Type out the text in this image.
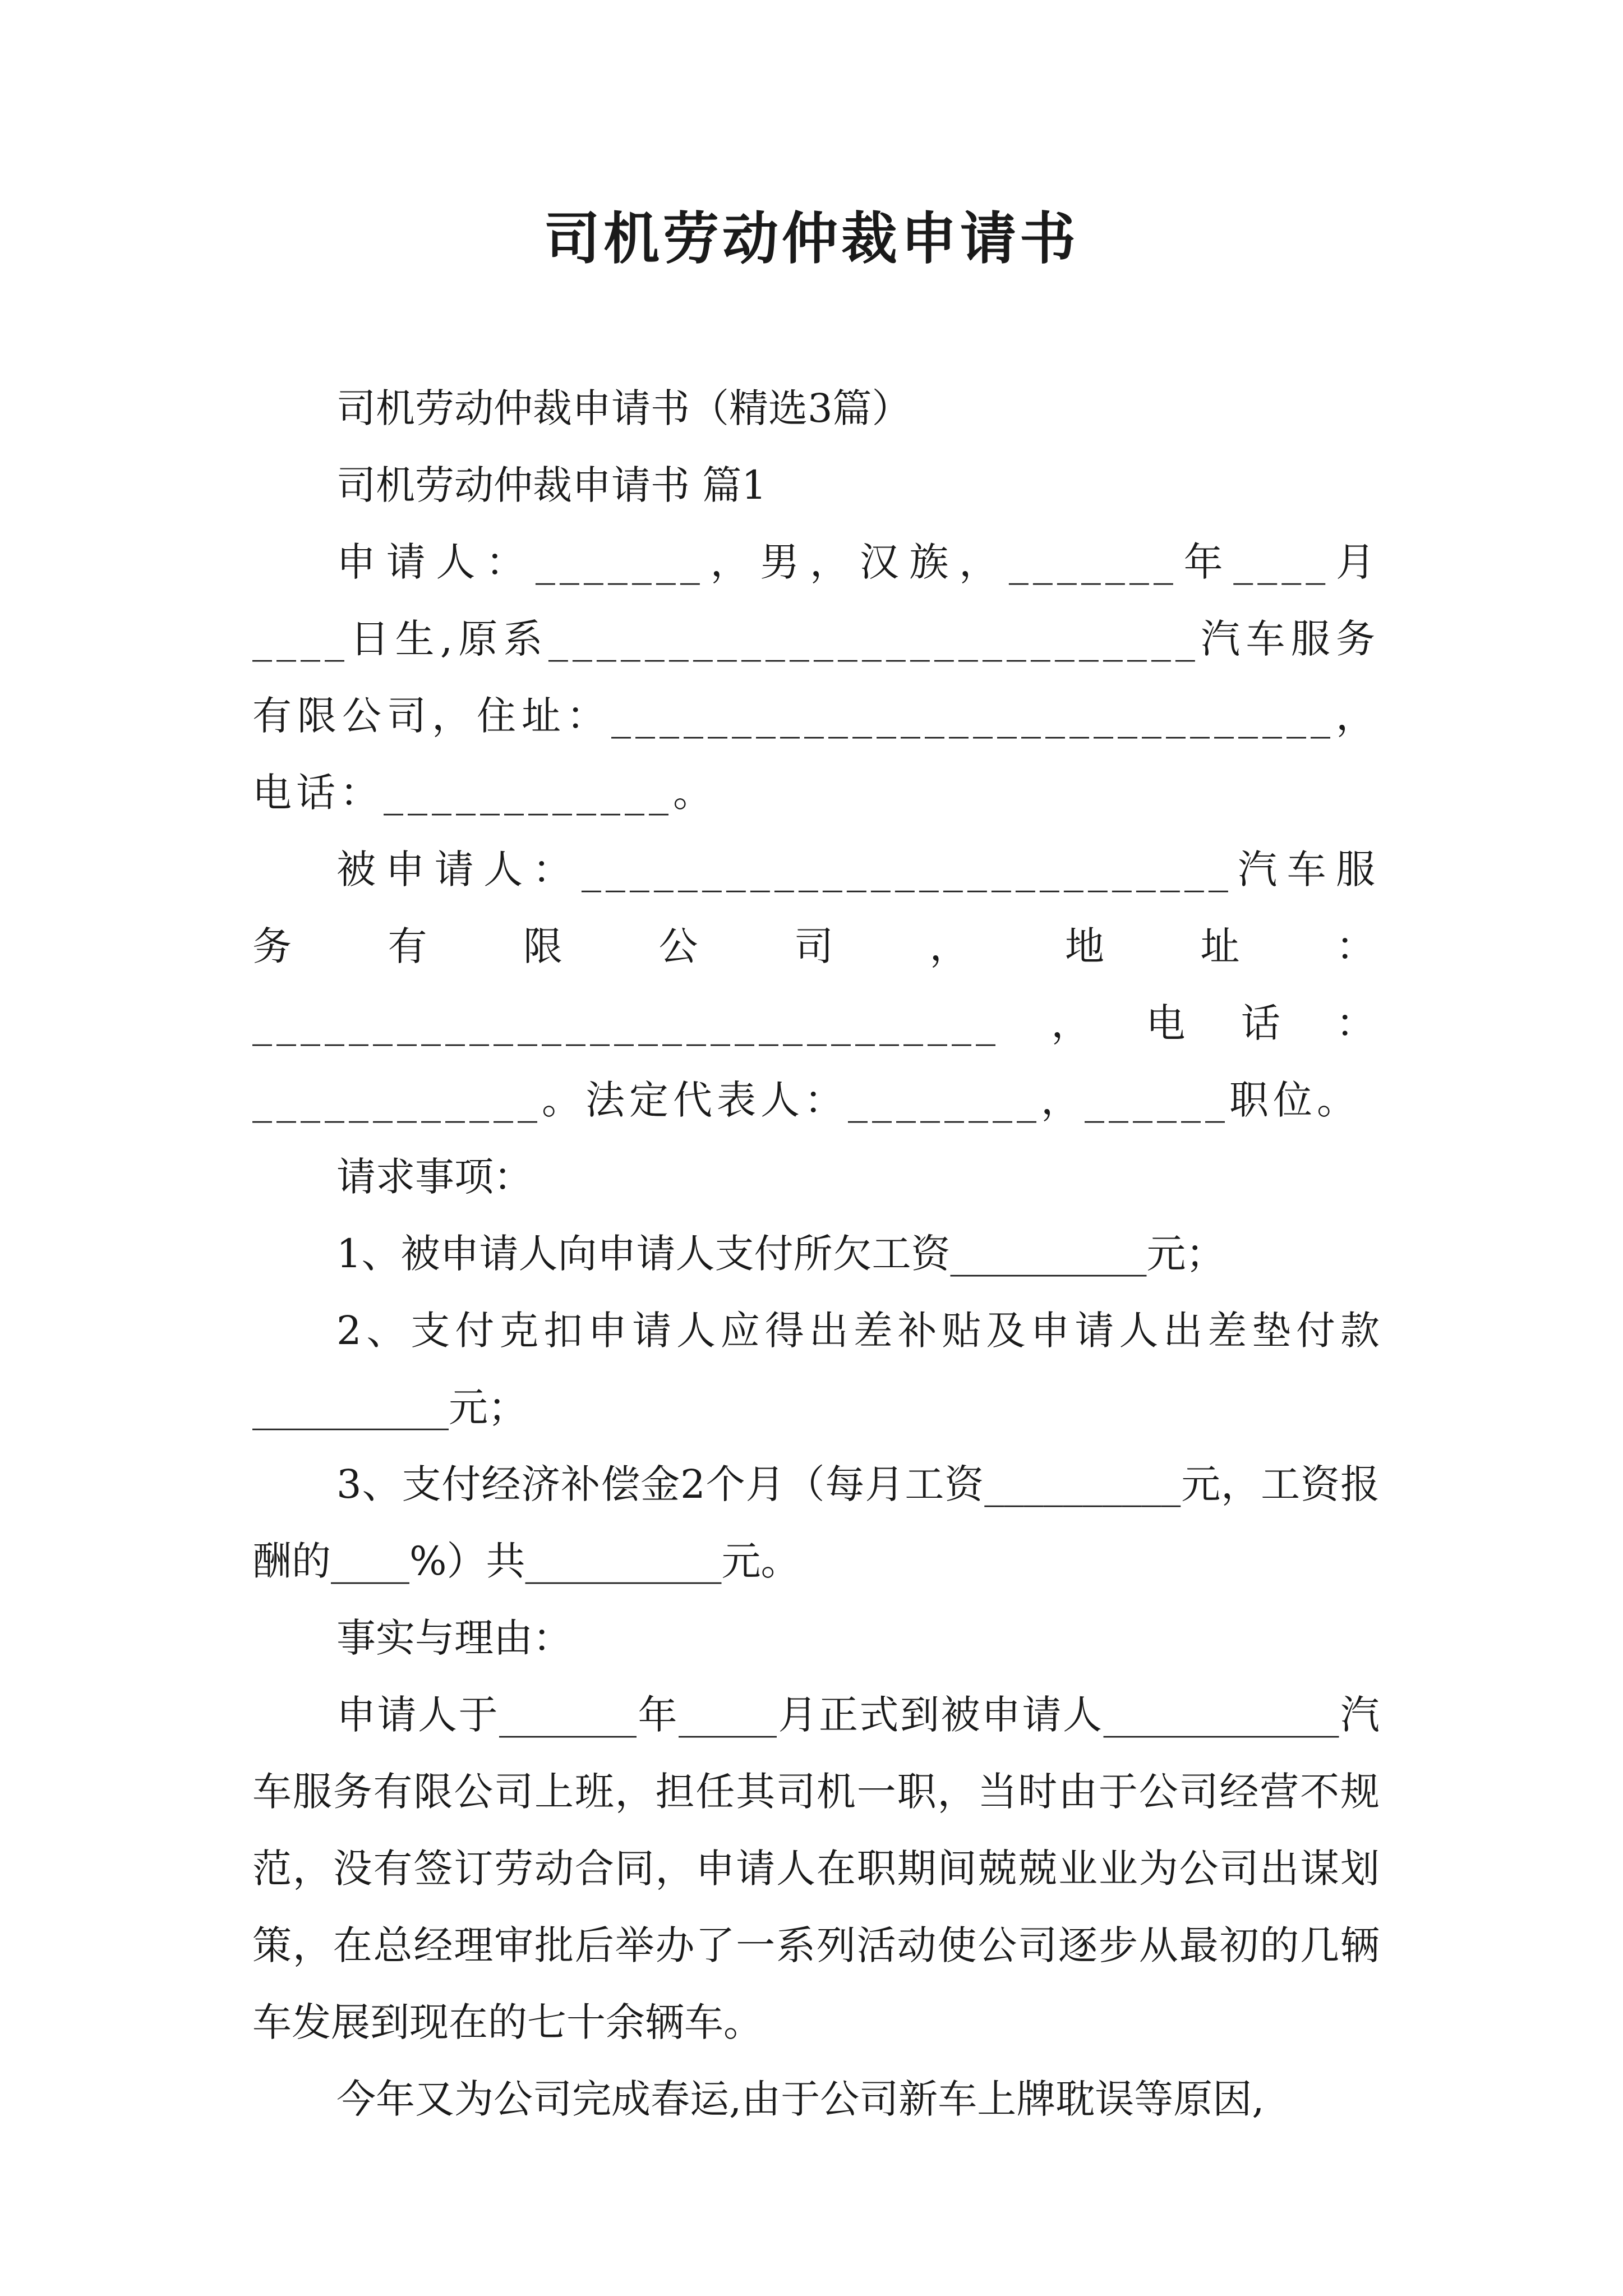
司机劳动仲裁申请书

司机劳动仲裁申请书（精选3篇）

司机劳动仲裁申请书 篇1

申请人：_______，男，汉族，_______年____月____日生,原系___________________________汽车服务有限公司，住址：______________________________，电话：____________。

被申请人：___________________________汽车服务有限公司，地址：_______________________________，电话：____________。法定代表人：________，______职位。

请求事项：

1、被申请人向申请人支付所欠工资__________元；

2、支付克扣申请人应得出差补贴及申请人出差垫付款__________元；

3、支付经济补偿金2个月（每月工资__________元，工资报酬的____%）共__________元。

事实与理由：

申请人于_______年_____月正式到被申请人____________汽车服务有限公司上班，担任其司机一职，当时由于公司经营不规范，没有签订劳动合同，申请人在职期间兢兢业业为公司出谋划策，在总经理审批后举办了一系列活动使公司逐步从最初的几辆车发展到现在的七十余辆车。

今年又为公司完成春运,由于公司新车上牌耽误等原因,
